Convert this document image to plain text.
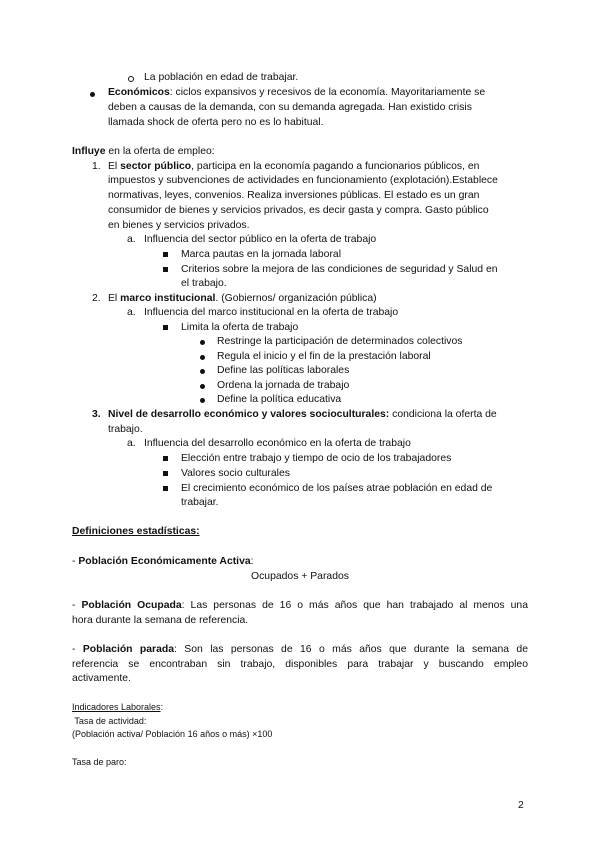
La población en edad de trabajar.
Económicos: ciclos expansivos y recesivos de la economía. Mayoritariamente se
deben a causas de la demanda, con su demanda agregada. Han existido crisis
llamada shock de oferta pero no es lo habitual.
Influye en la oferta de empleo:
1. El sector público, participa en la economía pagando a funcionarios públicos, en
impuestos y subvenciones de actividades en funcionamiento (explotación).Establece
normativas, leyes, convenios. Realiza inversiones públicas. El estado es un gran
consumidor de bienes y servicios privados, es decir gasta y compra. Gasto público
en bienes y servicios privados.
a. Influencia del sector público en la oferta de trabajo
Marca pautas en la jornada laboral
Criterios sobre la mejora de las condiciones de seguridad y Salud en
el trabajo.
2. El marco institucional. (Gobiernos/ organización pública)
a. Influencia del marco institucional en la oferta de trabajo
Limita la oferta de trabajo
Restringe la participación de determinados colectivos
Regula el inicio y el fin de la prestación laboral
Define las políticas laborales
Ordena la jornada de trabajo
Define la política educativa
3. Nivel de desarrollo económico y valores socioculturales: condiciona la oferta de
trabajo.
a. Influencia del desarrollo económico en la oferta de trabajo
Elección entre trabajo y tiempo de ocio de los trabajadores
Valores socio culturales
El crecimiento económico de los países atrae población en edad de
trabajar.
Definiciones estadísticas:
- Población Económicamente Activa:
Ocupados + Parados
- Población Ocupada: Las personas de 16 o más años que han trabajado al menos una
hora durante la semana de referencia.
- Población parada: Son las personas de 16 o más años que durante la semana de
referencia se encontraban sin trabajo, disponibles para trabajar y buscando empleo
activamente.
Indicadores Laborales:
Tasa de actividad:
(Población activa/ Población 16 años o más) ×100
Tasa de paro:
2
